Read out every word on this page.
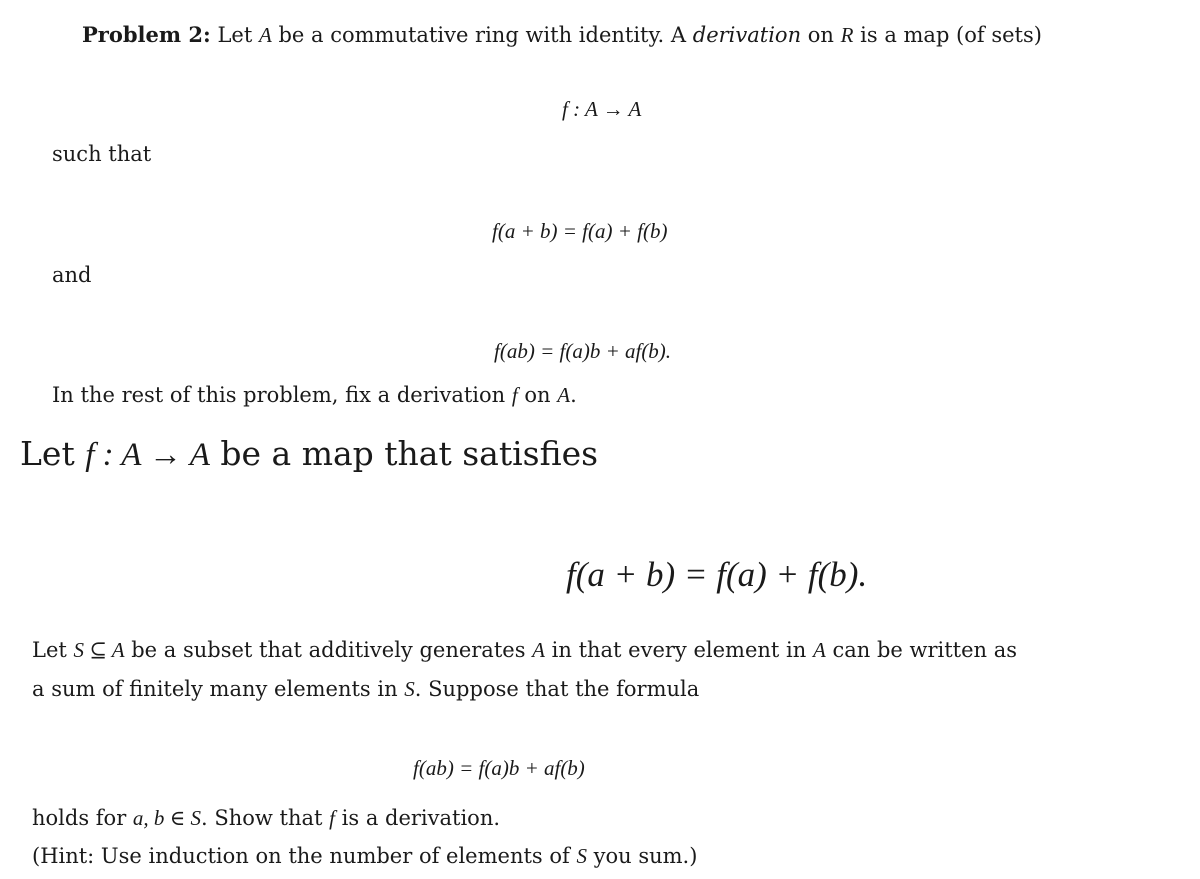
Problem 2: Let A be a commutative ring with identity. A derivation on R is a map (of sets)
f : A → A
such that
f(a + b) = f(a) + f(b)
and
f(ab) = f(a)b + af(b).
In the rest of this problem, fix a derivation f on A.
Let f : A → A be a map that satisfies
f(a + b) = f(a) + f(b).
Let S ⊆ A be a subset that additively generates A in that every element in A can be written as
a sum of finitely many elements in S. Suppose that the formula
f(ab) = f(a)b + af(b)
holds for a, b ∈ S. Show that f is a derivation.
(Hint: Use induction on the number of elements of S you sum.)
